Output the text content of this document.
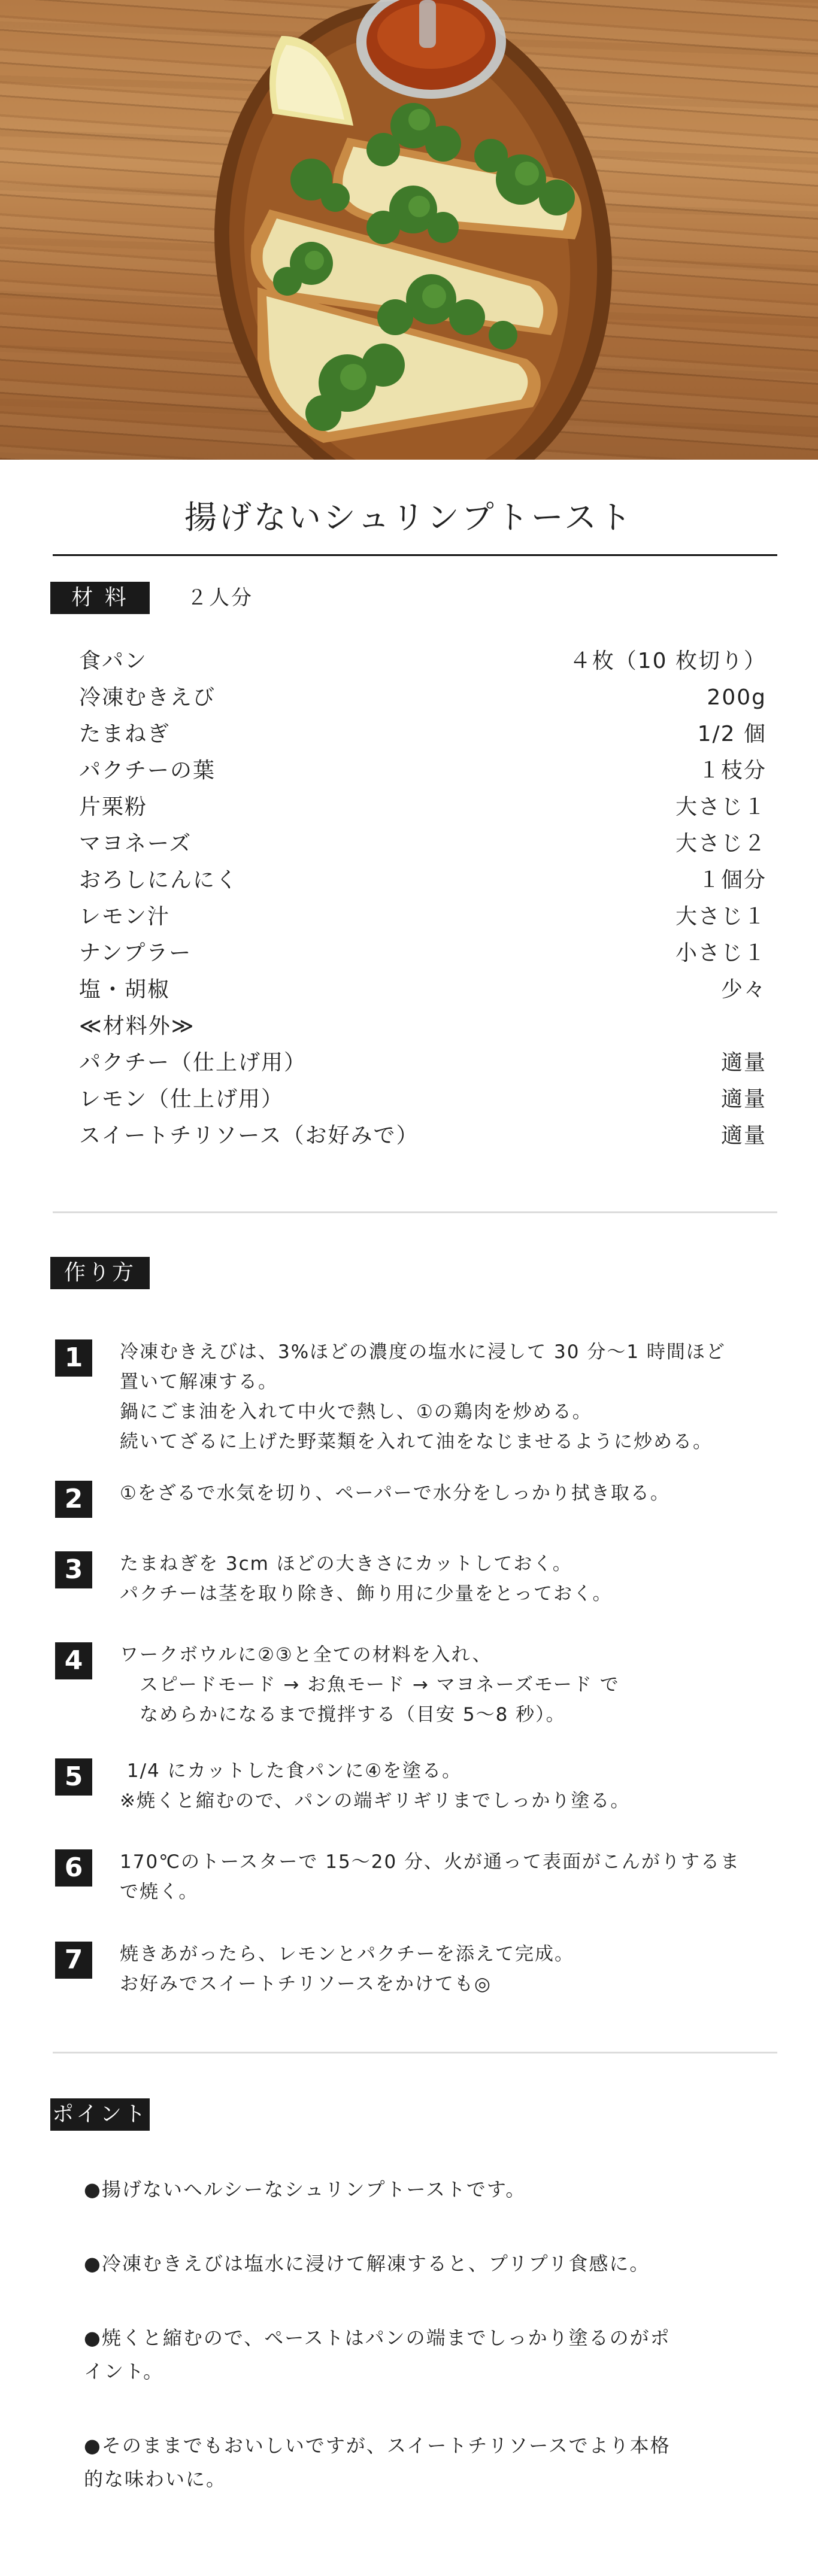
揚げないシュリンプトースト
材 料	２人分
食パン	４枚（10 枚切り）
冷凍むきえび	200g
たまねぎ	1/2 個
パクチーの葉	１枝分
片栗粉	大さじ１
マヨネーズ	大さじ２
おろしにんにく	１個分
レモン汁	大さじ１
ナンプラー	小さじ１
塩・胡椒	少々
≪材料外≫
パクチー（仕上げ用）	適量
レモン（仕上げ用）	適量
スイートチリソース（お好みで）	適量
作り方
1	冷凍むきえびは、3%ほどの濃度の塩水に浸して 30 分〜1 時間ほど
置いて解凍する。
鍋にごま油を入れて中火で熱し、①の鶏肉を炒める。
続いてざるに上げた野菜類を入れて油をなじませるように炒める。
2	①をざるで水気を切り、ペーパーで水分をしっかり拭き取る。
3	たまねぎを 3cm ほどの大きさにカットしておく。
パクチーは茎を取り除き、飾り用に少量をとっておく。
4	ワークボウルに②③と全ての材料を入れ、
　スピードモード → お魚モード → マヨネーズモード で
　なめらかになるまで撹拌する（目安 5〜8 秒）。
5	1/4 にカットした食パンに④を塗る。
※焼くと縮むので、パンの端ギリギリまでしっかり塗る。
6	170℃のトースターで 15〜20 分、火が通って表面がこんがりするま
で焼く。
7	焼きあがったら、レモンとパクチーを添えて完成。
お好みでスイートチリソースをかけても◎
ポイント
●揚げないヘルシーなシュリンプトーストです。
●冷凍むきえびは塩水に浸けて解凍すると、プリプリ食感に。
●焼くと縮むので、ペーストはパンの端までしっかり塗るのがポ
イント。
●そのままでもおいしいですが、スイートチリソースでより本格
的な味わいに。
